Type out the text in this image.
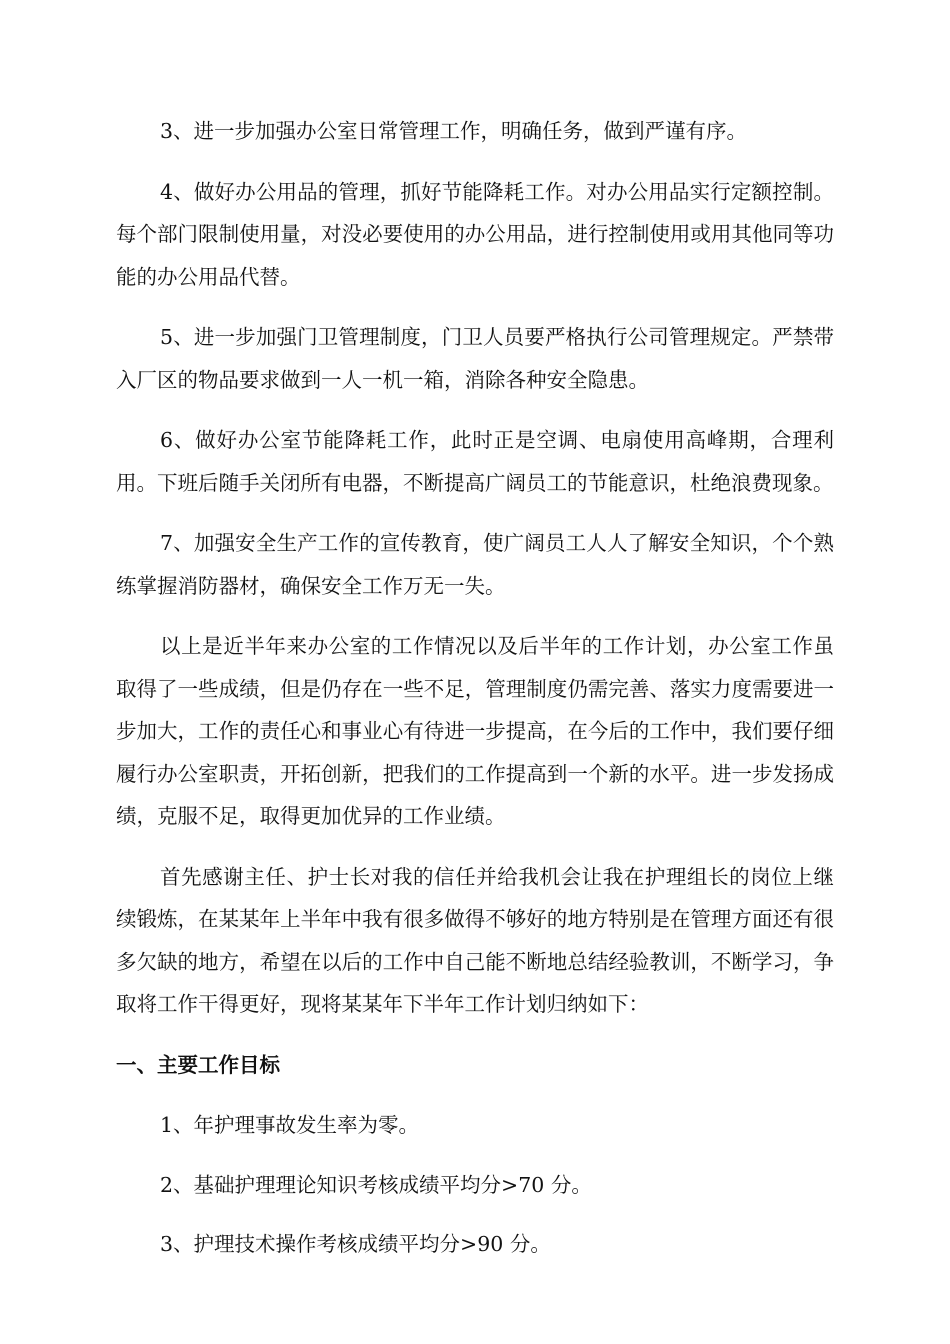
3、进一步加强办公室日常管理工作，明确任务，做到严谨有序。

4、做好办公用品的管理，抓好节能降耗工作。对办公用品实行定额控制。每个部门限制使用量，对没必要使用的办公用品，进行控制使用或用其他同等功能的办公用品代替。

5、进一步加强门卫管理制度，门卫人员要严格执行公司管理规定。严禁带入厂区的物品要求做到一人一机一箱，消除各种安全隐患。

6、做好办公室节能降耗工作，此时正是空调、电扇使用高峰期，合理利用。下班后随手关闭所有电器，不断提高广阔员工的节能意识，杜绝浪费现象。

7、加强安全生产工作的宣传教育，使广阔员工人人了解安全知识，个个熟练掌握消防器材，确保安全工作万无一失。

以上是近半年来办公室的工作情况以及后半年的工作计划，办公室工作虽取得了一些成绩，但是仍存在一些不足，管理制度仍需完善、落实力度需要进一步加大，工作的责任心和事业心有待进一步提高，在今后的工作中，我们要仔细履行办公室职责，开拓创新，把我们的工作提高到一个新的水平。进一步发扬成绩，克服不足，取得更加优异的工作业绩。

首先感谢主任、护士长对我的信任并给我机会让我在护理组长的岗位上继续锻炼，在某某年上半年中我有很多做得不够好的地方特别是在管理方面还有很多欠缺的地方，希望在以后的工作中自己能不断地总结经验教训，不断学习，争取将工作干得更好，现将某某年下半年工作计划归纳如下：

一、主要工作目标

1、年护理事故发生率为零。

2、基础护理理论知识考核成绩平均分>70 分。

3、护理技术操作考核成绩平均分>90 分。
